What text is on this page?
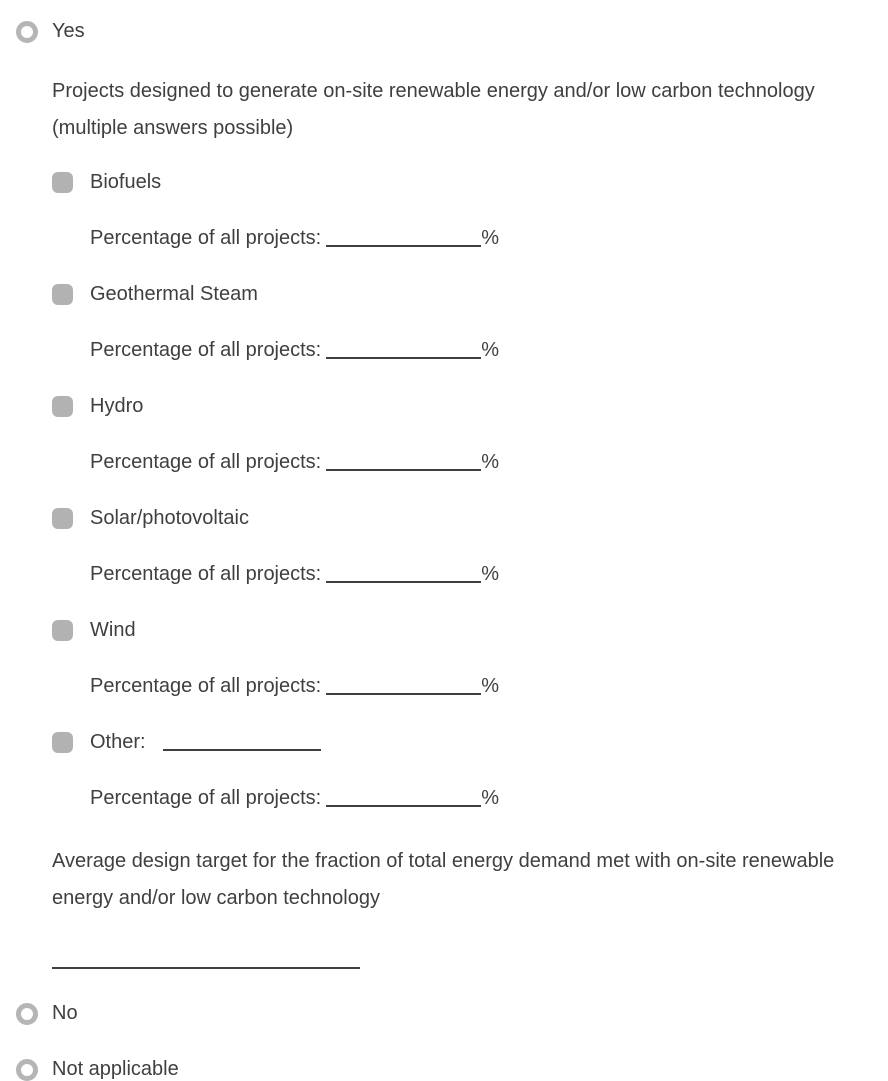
Yes

Projects designed to generate on-site renewable energy and/or low carbon technology (multiple answers possible)

Biofuels
Percentage of all projects:	%
Geothermal Steam
Percentage of all projects:	%
Hydro
Percentage of all projects:	%
Solar/photovoltaic
Percentage of all projects:	%
Wind
Percentage of all projects:	%
Other:
Percentage of all projects:	%

Average design target for the fraction of total energy demand met with on-site renewable energy and/or low carbon technology

No
Not applicable
